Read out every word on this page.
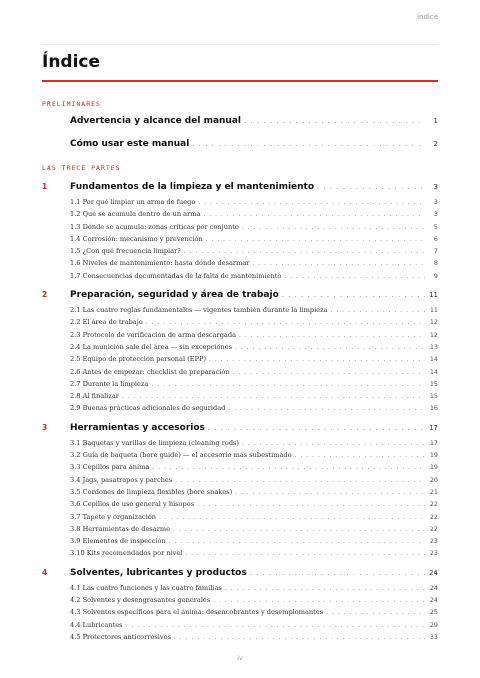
Índice
Índice
PRELIMINARES
Advertencia y alcance del manual . . .	1
Cómo usar este manual . . .	2
LAS TRECE PARTES
1	Fundamentos de la limpieza y el mantenimiento . . .	3
1.1 Por qué limpiar un arma de fuego . . .	3
1.2 Qué se acumula dentro de un arma . . .	3
1.3 Dónde se acumula: zonas críticas por conjunto . . .	5
1.4 Corrosión: mecanismo y prevención . . .	6
1.5 ¿Con qué frecuencia limpiar? . . .	7
1.6 Niveles de mantenimiento: hasta dónde desarmar . . .	8
1.7 Consecuencias documentadas de la falta de mantenimiento . . .	9
2	Preparación, seguridad y área de trabajo . . .	11
2.1 Las cuatro reglas fundamentales — vigentes también durante la limpieza . . .	11
2.2 El área de trabajo . . .	12
2.3 Protocolo de verificación de arma descargada . . .	12
2.4 La munición sale del área — sin excepciones . . .	13
2.5 Equipo de protección personal (EPP) . . .	14
2.6 Antes de empezar: checklist de preparación . . .	14
2.7 Durante la limpieza . . .	15
2.8 Al finalizar . . .	15
2.9 Buenas prácticas adicionales de seguridad . . .	16
3	Herramientas y accesorios . . .	17
3.1 Baquetas y varillas de limpieza (cleaning rods) . . .	17
3.2 Guía de baqueta (bore guide) — el accesorio más subestimado . . .	19
3.3 Cepillos para ánima . . .	19
3.4 Jags, pasatrapos y parches . . .	20
3.5 Cordones de limpieza flexibles (bore snakes) . . .	21
3.6 Cepillos de uso general y hisopos . . .	22
3.7 Tapete y organización . . .	22
3.8 Herramientas de desarme . . .	22
3.9 Elementos de inspección . . .	23
3.10 Kits recomendados por nivel . . .	23
4	Solventes, lubricantes y productos . . .	24
4.1 Las cuatro funciones y las cuatro familias . . .	24
4.2 Solventes y desengrasantes generales . . .	24
4.3 Solventes específicos para el ánima: desencobrantes y desemplomantes . . .	25
4.4 Lubricantes . . .	29
4.5 Protectores anticorrosivos . . .	33
iv
